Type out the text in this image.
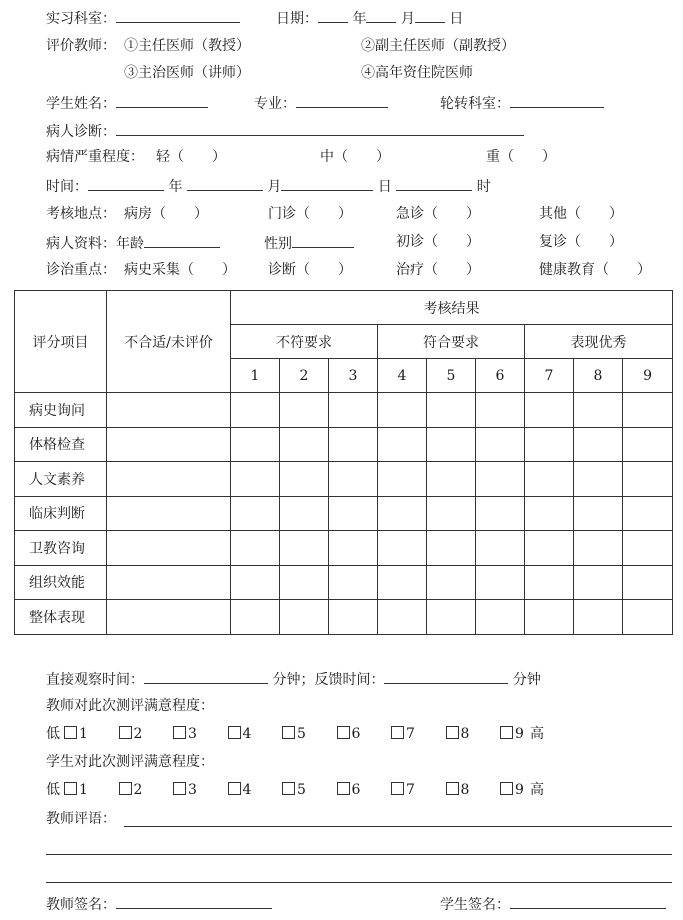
实习科室：	日期： 年 月 日
评价教师： ①主任医师（教授）	②副主任医师（副教授）
③主治医师（讲师）	④高年资住院医师
学生姓名：	专业：	轮转科室：
病人诊断：
病情严重程度： 轻（　　）	中（　　）	重（　　）
时间：	年	月	日	时
考核地点： 病房（　　）	门诊（　　）	急诊（　　）	其他（　　）
病人资料：年龄	性别	初诊（　　）	复诊（　　）
诊治重点： 病史采集（　　） 诊断（　　）	治疗（　　）	健康教育（　　）
评分项目	不合适/未评价	考核结果								
		不符要求			符合要求			表现优秀		
		1	2	3	4	5	6	7	8	9
病史询问										
体格检查										
人文素养										
临床判断										
卫教咨询										
组织效能										
整体表现										
直接观察时间：	分钟；反馈时间：	分钟
教师对此次测评满意程度：
低 1	2	3	4	5	6	7	8	9 高
学生对此次测评满意程度：
低 1	2	3	4	5	6	7	8	9 高
教师评语：
教师签名：	学生签名：
